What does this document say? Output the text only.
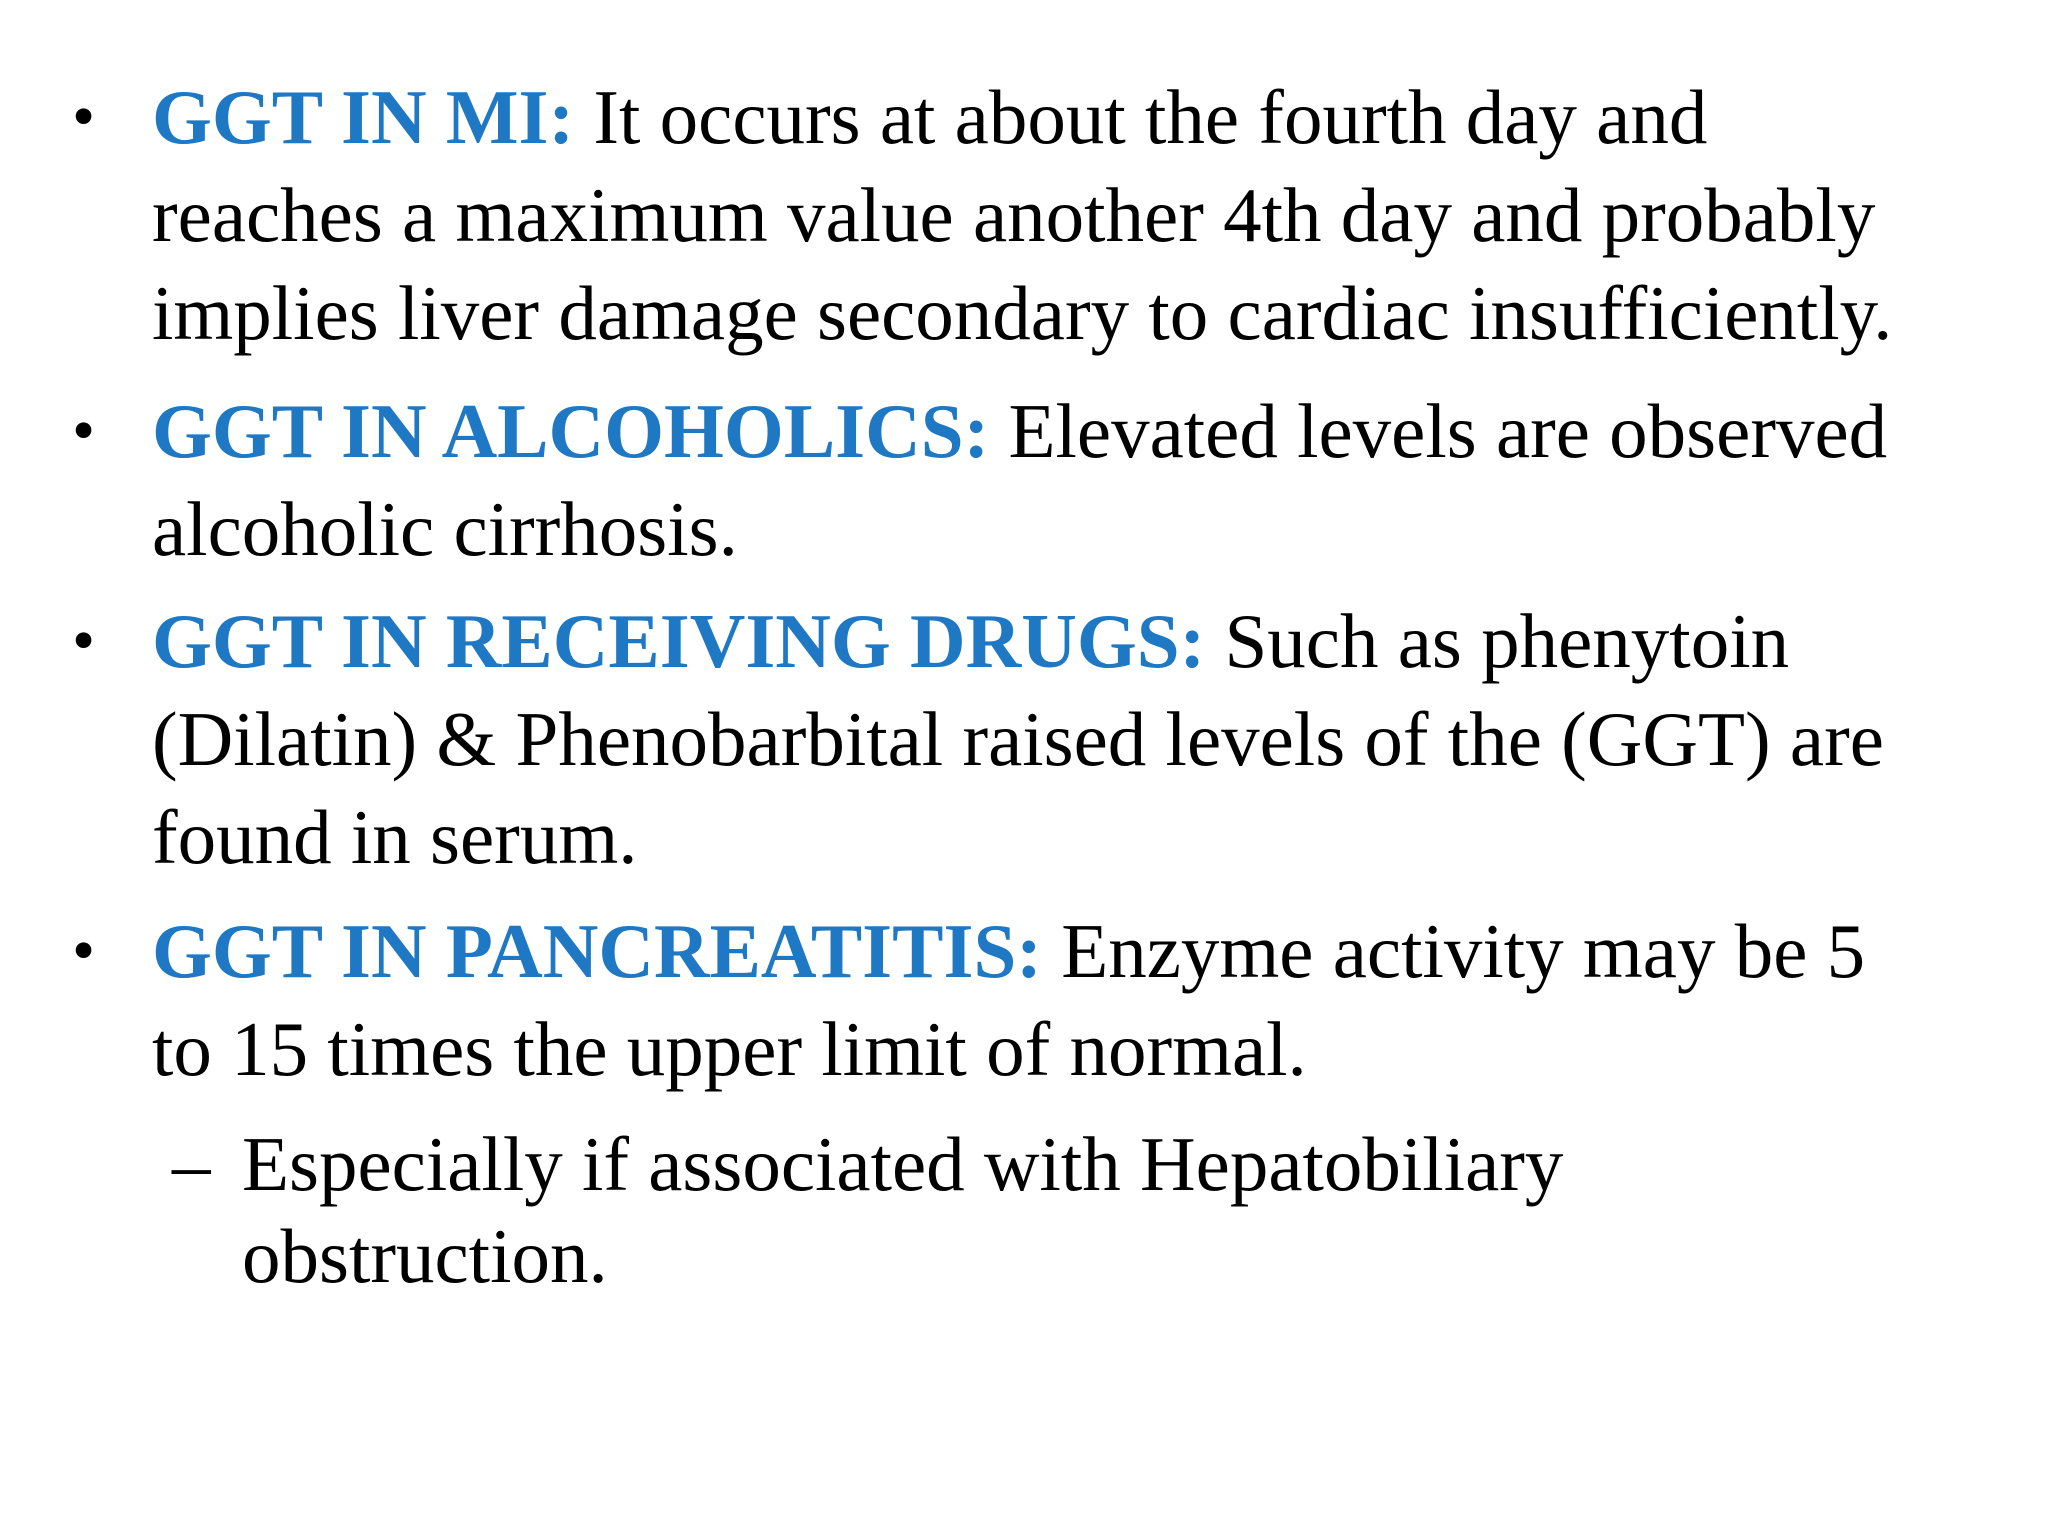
• GGT IN MI: It occurs at about the fourth day and
reaches a maximum value another 4th day and probably
implies liver damage secondary to cardiac insufficiently.
• GGT IN ALCOHOLICS: Elevated levels are observed
alcoholic cirrhosis.
• GGT IN RECEIVING DRUGS: Such as phenytoin
(Dilatin) & Phenobarbital raised levels of the (GGT) are
found in serum.
• GGT IN PANCREATITIS: Enzyme activity may be 5
to 15 times the upper limit of normal.
– Especially if associated with Hepatobiliary
obstruction.
